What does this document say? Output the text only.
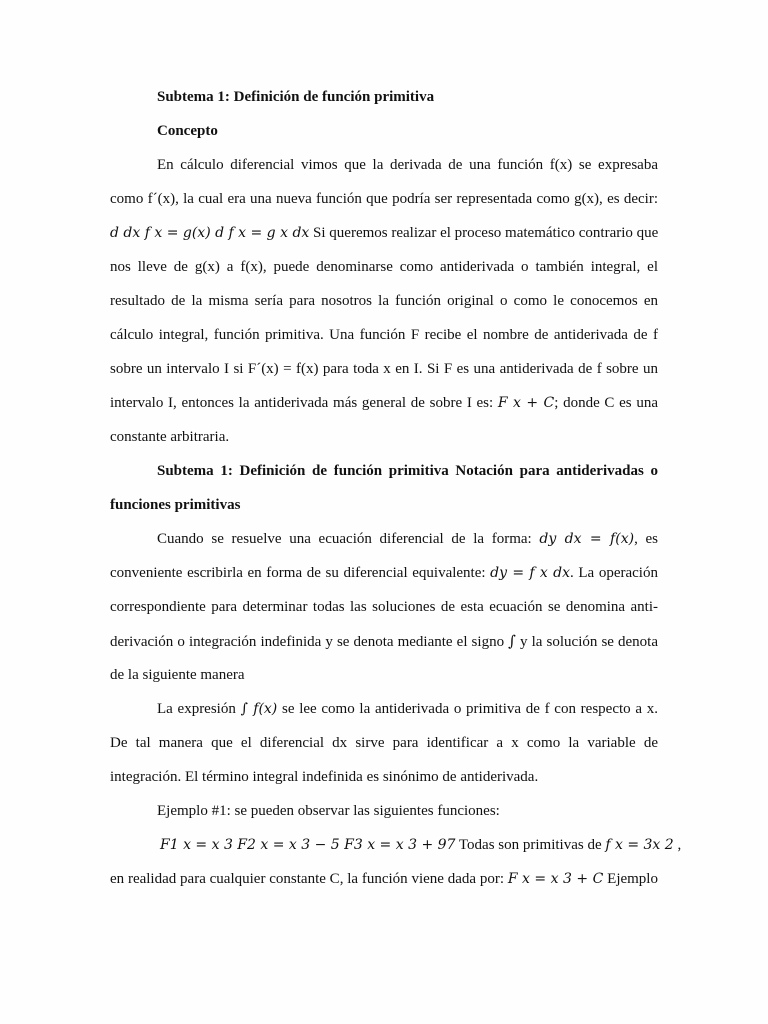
Subtema 1: Definición de función primitiva
Concepto
En cálculo diferencial vimos que la derivada de una función f(x) se expresaba
como f´(x), la cual era una nueva función que podría ser representada como g(x), es decir:
𝑑 𝑑𝑥 𝑓 𝑥 = 𝑔(𝑥) 𝑑 𝑓 𝑥 = 𝑔 𝑥 𝑑𝑥 Si queremos realizar el proceso matemático contrario que
nos lleve de g(x) a f(x), puede denominarse como antiderivada o también integral, el
resultado de la misma sería para nosotros la función original o como le conocemos en
cálculo integral, función primitiva. Una función F recibe el nombre de antiderivada de f
sobre un intervalo I si F´(x) = f(x) para toda x en I. Si F es una antiderivada de f sobre un
intervalo I, entonces la antiderivada más general de sobre I es: 𝐹 𝑥 + 𝐶; donde C es una
constante arbitraria.
Subtema 1: Definición de función primitiva Notación para antiderivadas o
funciones primitivas
Cuando se resuelve una ecuación diferencial de la forma: 𝑑𝑦 𝑑𝑥 = 𝑓(𝑥), es
conveniente escribirla en forma de su diferencial equivalente: 𝑑𝑦 = 𝑓 𝑥 𝑑𝑥. La operación
correspondiente para determinar todas las soluciones de esta ecuación se denomina anti-
derivación o integración indefinida y se denota mediante el signo ∫ y la solución se denota
de la siguiente manera
La expresión ∫ 𝑓(𝑥) se lee como la antiderivada o primitiva de f con respecto a x.
De tal manera que el diferencial dx sirve para identificar a x como la variable de
integración. El término integral indefinida es sinónimo de antiderivada.
Ejemplo #1: se pueden observar las siguientes funciones:
𝐹1 𝑥 = 𝑥 3 𝐹2 𝑥 = 𝑥 3 − 5 𝐹3 𝑥 = 𝑥 3 + 97 Todas son primitivas de 𝑓 𝑥 = 3𝑥 2 ,
en realidad para cualquier constante C, la función viene dada por: 𝐹 𝑥 = 𝑥 3 + 𝐶 Ejemplo
